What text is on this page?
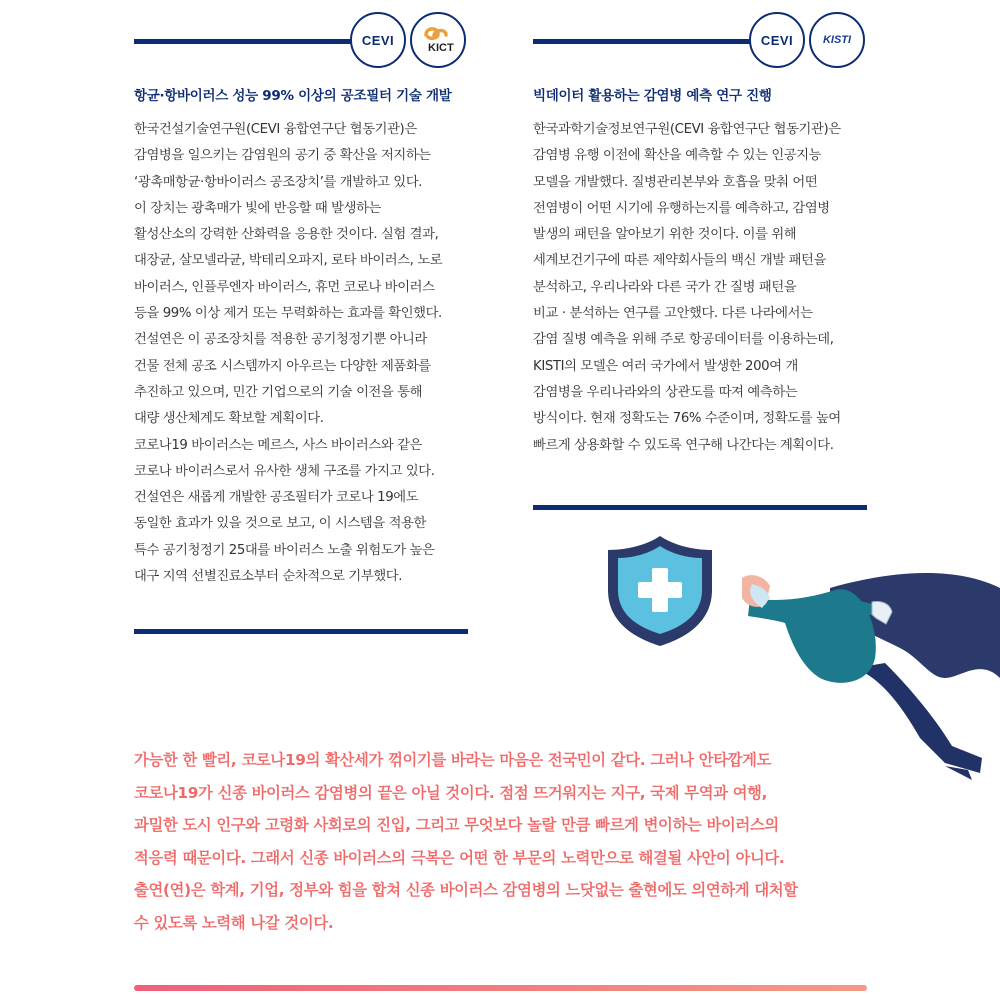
CEVI
KICT
항균·항바이러스 성능 99% 이상의 공조필터 기술 개발

한국건설기술연구원(CEVI 융합연구단 협동기관)은

감염병을 일으키는 감염원의 공기 중 확산을 저지하는

‘광촉매항균·항바이러스 공조장치’를 개발하고 있다.

이 장치는 광촉매가 빛에 반응할 때 발생하는

활성산소의 강력한 산화력을 응용한 것이다. 실험 결과,

대장균, 살모넬라균, 박테리오파지, 로타 바이러스, 노로

바이러스, 인플루엔자 바이러스, 휴먼 코로나 바이러스

등을 99% 이상 제거 또는 무력화하는 효과를 확인했다.

건설연은 이 공조장치를 적용한 공기청정기뿐 아니라

건물 전체 공조 시스템까지 아우르는 다양한 제품화를

추진하고 있으며, 민간 기업으로의 기술 이전을 통해

대량 생산체계도 확보할 계획이다.

코로나19 바이러스는 메르스, 사스 바이러스와 같은

코로나 바이러스로서 유사한 생체 구조를 가지고 있다.

건설연은 새롭게 개발한 공조필터가 코로나 19에도

동일한 효과가 있을 것으로 보고, 이 시스템을 적용한

특수 공기청정기 25대를 바이러스 노출 위험도가 높은

대구 지역 선별진료소부터 순차적으로 기부했다.

CEVI	KISTI
빅데이터 활용하는 감염병 예측 연구 진행

한국과학기술정보연구원(CEVI 융합연구단 협동기관)은

감염병 유행 이전에 확산을 예측할 수 있는 인공지능

모델을 개발했다. 질병관리본부와 호흡을 맞춰 어떤

전염병이 어떤 시기에 유행하는지를 예측하고, 감염병

발생의 패턴을 알아보기 위한 것이다. 이를 위해

세계보건기구에 따른 제약회사들의 백신 개발 패턴을

분석하고, 우리나라와 다른 국가 간 질병 패턴을

비교 · 분석하는 연구를 고안했다. 다른 나라에서는

감염 질병 예측을 위해 주로 항공데이터를 이용하는데,

KISTI의 모델은 여러 국가에서 발생한 200여 개

감염병을 우리나라와의 상관도를 따져 예측하는

방식이다. 현재 정확도는 76% 수준이며, 정확도를 높여

빠르게 상용화할 수 있도록 연구해 나간다는 계획이다.

가능한 한 빨리, 코로나19의 확산세가 꺾이기를 바라는 마음은 전국민이 같다. 그러나 안타깝게도

코로나19가 신종 바이러스 감염병의 끝은 아닐 것이다. 점점 뜨거워지는 지구, 국제 무역과 여행,

과밀한 도시 인구와 고령화 사회로의 진입, 그리고 무엇보다 놀랄 만큼 빠르게 변이하는 바이러스의

적응력 때문이다. 그래서 신종 바이러스의 극복은 어떤 한 부문의 노력만으로 해결될 사안이 아니다.

출연(연)은 학계, 기업, 정부와 힘을 합쳐 신종 바이러스 감염병의 느닷없는 출현에도 의연하게 대처할

수 있도록 노력해 나갈 것이다.
